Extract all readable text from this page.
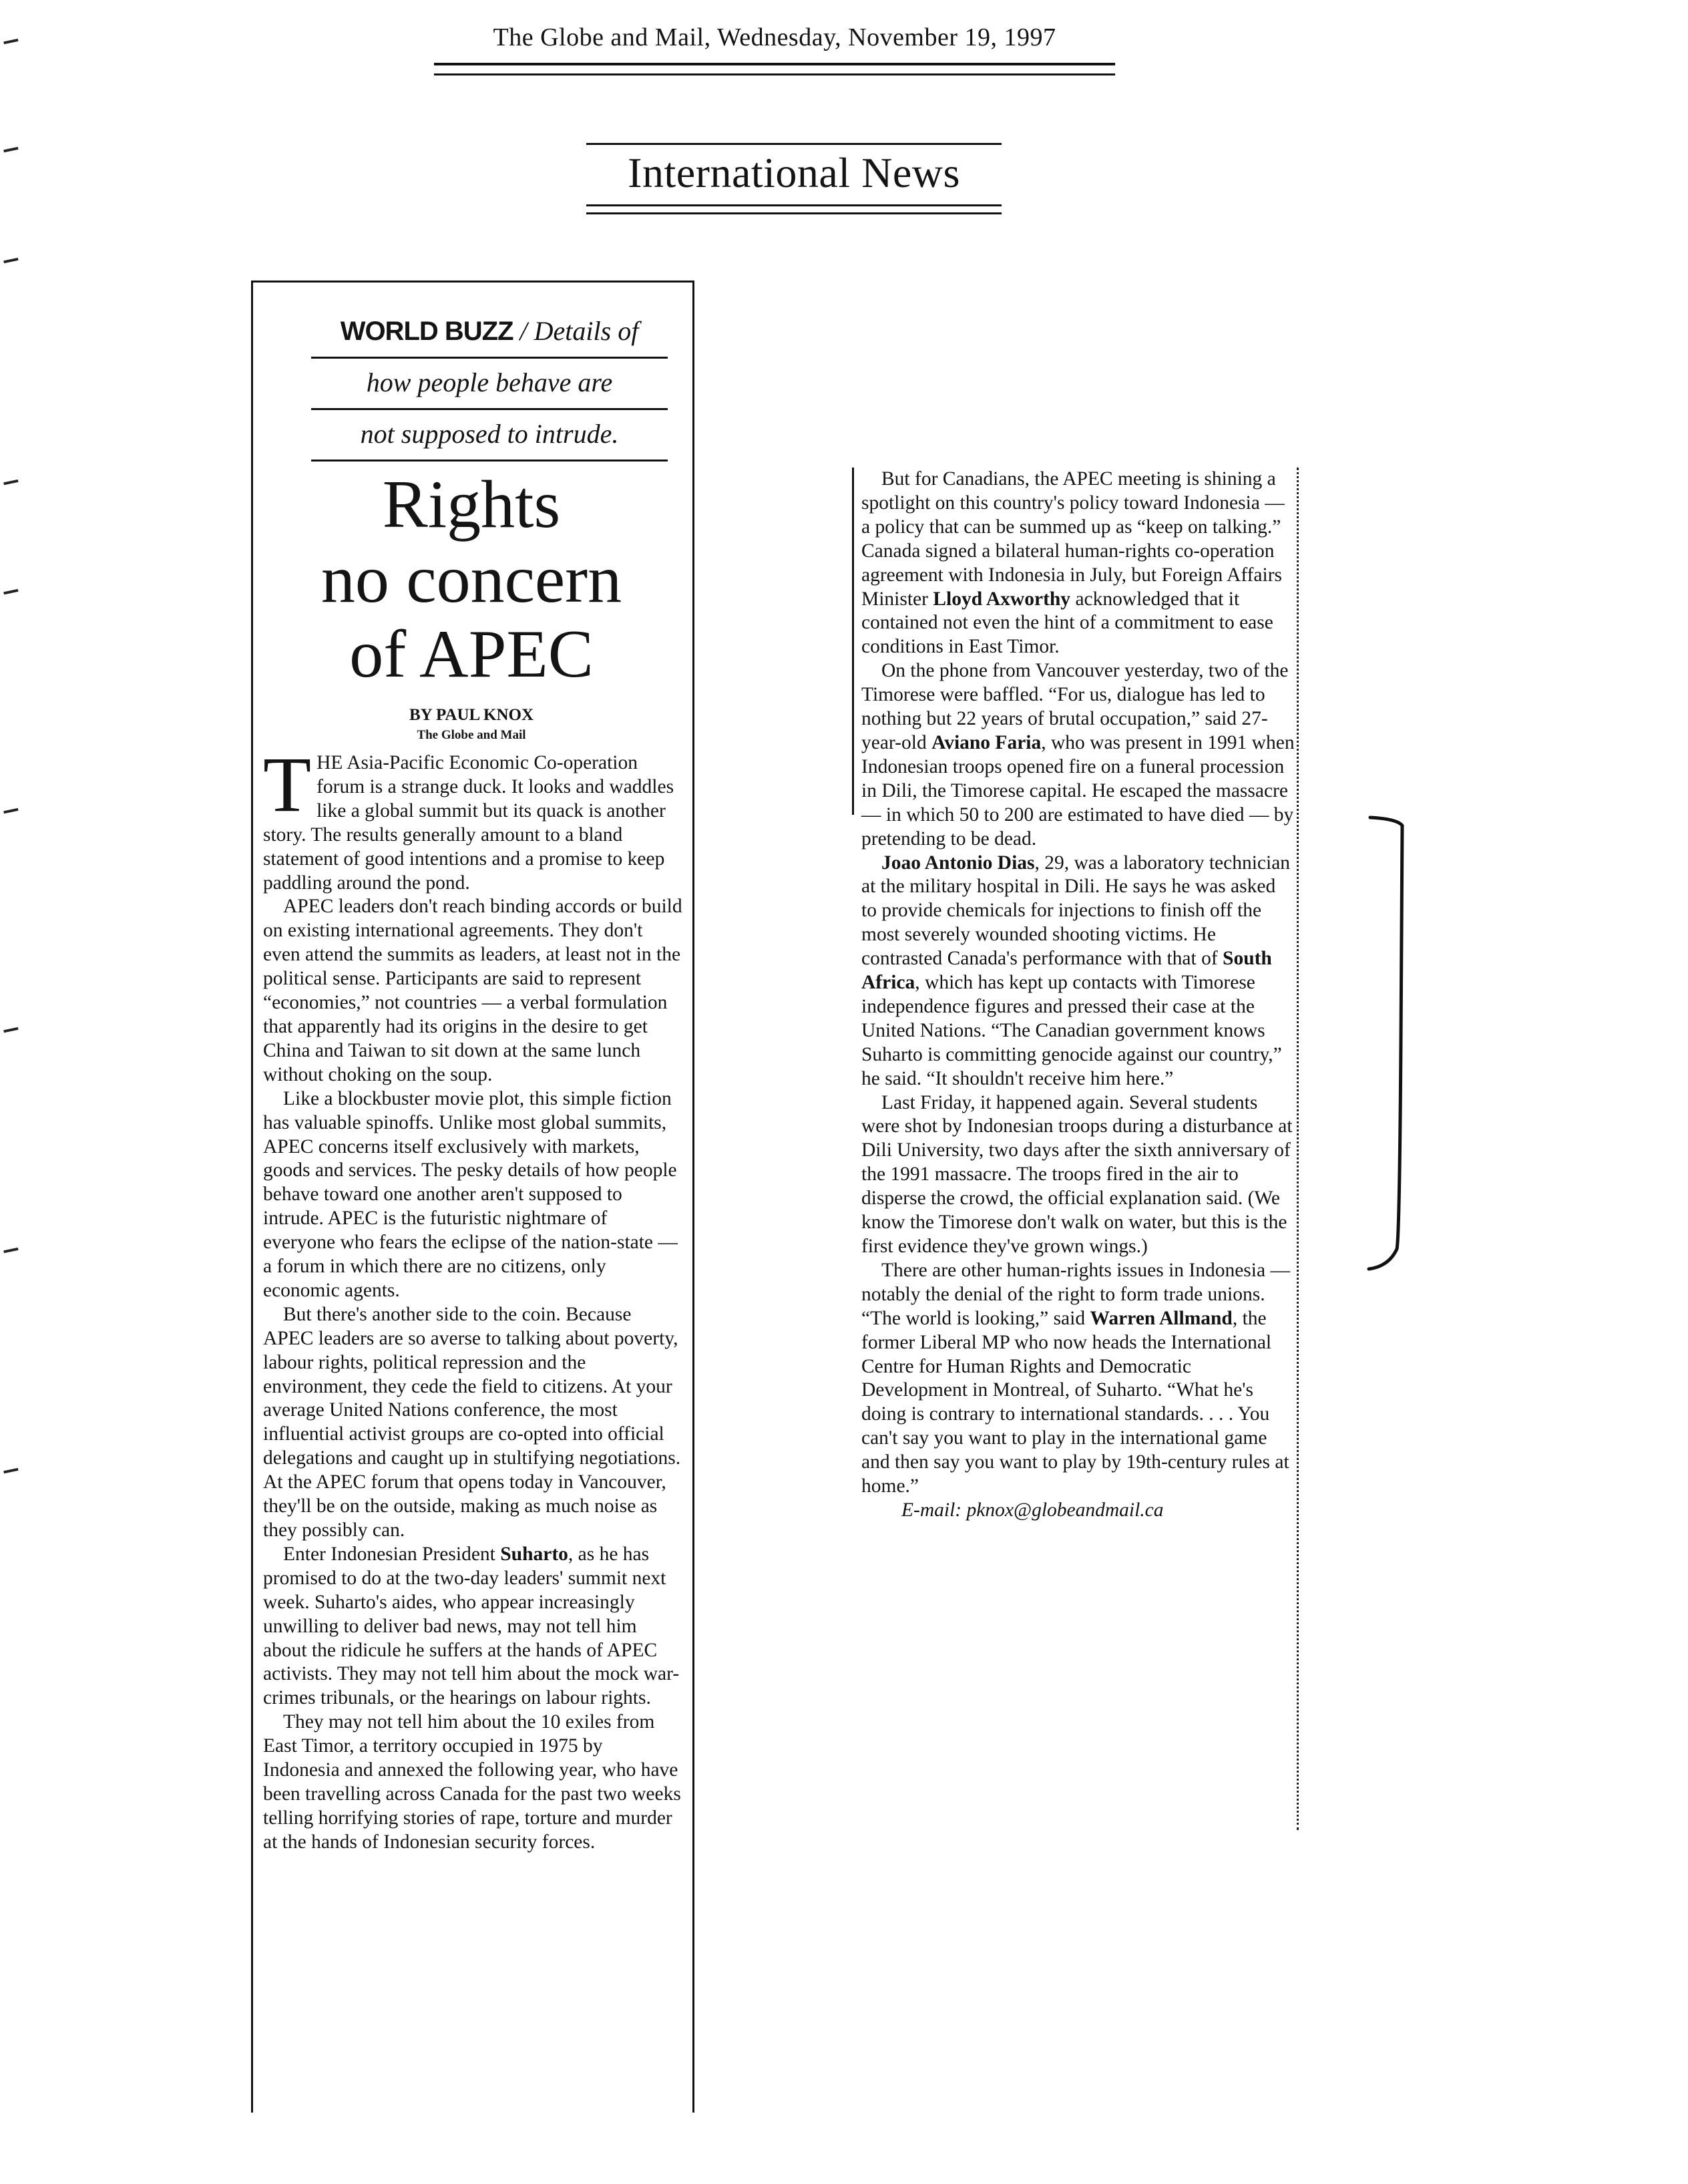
The Globe and Mail, Wednesday, November 19, 1997
International News
WORLD BUZZ / Details of
how people behave are
not supposed to intrude.
Rights
no concern
of APEC
BY PAUL KNOX
The Globe and Mail

THE Asia-Pacific Economic Co-operation forum is a strange duck. It looks and waddles like a global summit but its quack is another story. The results generally amount to a bland statement of good intentions and a promise to keep paddling around the pond.

APEC leaders don't reach binding accords or build on existing international agreements. They don't even attend the summits as leaders, at least not in the political sense. Participants are said to represent “economies,” not countries — a verbal formulation that apparently had its origins in the desire to get China and Taiwan to sit down at the same lunch without choking on the soup.

Like a blockbuster movie plot, this simple fiction has valuable spinoffs. Unlike most global summits, APEC concerns itself exclusively with markets, goods and services. The pesky details of how people behave toward one another aren't supposed to intrude. APEC is the futuristic nightmare of everyone who fears the eclipse of the nation-state — a forum in which there are no citizens, only economic agents.

But there's another side to the coin. Because APEC leaders are so averse to talking about poverty, labour rights, political repression and the environment, they cede the field to citizens. At your average United Nations conference, the most influential activist groups are co-opted into official delegations and caught up in stultifying negotiations. At the APEC forum that opens today in Vancouver, they'll be on the outside, making as much noise as they possibly can.

Enter Indonesian President Suharto, as he has promised to do at the two-day leaders' summit next week. Suharto's aides, who appear increasingly unwilling to deliver bad news, may not tell him about the ridicule he suffers at the hands of APEC activists. They may not tell him about the mock war-crimes tribunals, or the hearings on labour rights.

They may not tell him about the 10 exiles from East Timor, a territory occupied in 1975 by Indonesia and annexed the following year, who have been travelling across Canada for the past two weeks telling horrifying stories of rape, torture and murder at the hands of Indonesian security forces.

But for Canadians, the APEC meeting is shining a spotlight on this country's policy toward Indonesia — a policy that can be summed up as “keep on talking.” Canada signed a bilateral human-rights co-operation agreement with Indonesia in July, but Foreign Affairs Minister Lloyd Axworthy acknowledged that it contained not even the hint of a commitment to ease conditions in East Timor.

On the phone from Vancouver yesterday, two of the Timorese were baffled. “For us, dialogue has led to nothing but 22 years of brutal occupation,” said 27-year-old Aviano Faria, who was present in 1991 when Indonesian troops opened fire on a funeral procession in Dili, the Timorese capital. He escaped the massacre — in which 50 to 200 are estimated to have died — by pretending to be dead.

Joao Antonio Dias, 29, was a laboratory technician at the military hospital in Dili. He says he was asked to provide chemicals for injections to finish off the most severely wounded shooting victims. He contrasted Canada's performance with that of South Africa, which has kept up contacts with Timorese independence figures and pressed their case at the United Nations. “The Canadian government knows Suharto is committing genocide against our country,” he said. “It shouldn't receive him here.”

Last Friday, it happened again. Several students were shot by Indonesian troops during a disturbance at Dili University, two days after the sixth anniversary of the 1991 massacre. The troops fired in the air to disperse the crowd, the official explanation said. (We know the Timorese don't walk on water, but this is the first evidence they've grown wings.)

There are other human-rights issues in Indonesia — notably the denial of the right to form trade unions. “The world is looking,” said Warren Allmand, the former Liberal MP who now heads the International Centre for Human Rights and Democratic Development in Montreal, of Suharto. “What he's doing is contrary to international standards. . . . You can't say you want to play in the international game and then say you want to play by 19th-century rules at home.”

E-mail: pknox@globeandmail.ca
